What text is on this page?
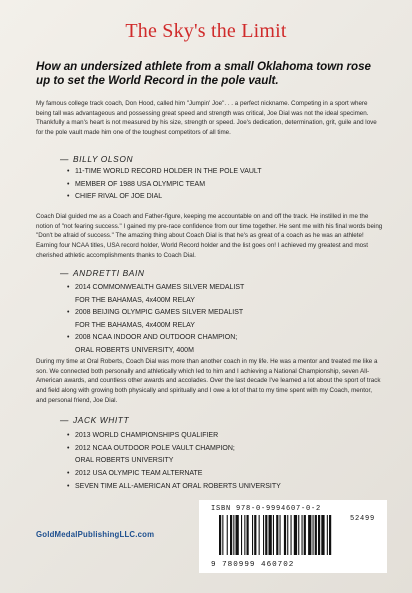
The Sky's the Limit
How an undersized athlete from a small Oklahoma town rose up to set the World Record in the pole vault.

My famous college track coach, Don Hood, called him "Jumpin' Joe". . . a perfect nickname. Competing in a sport where being tall was advantageous and possessing great speed and strength was critical, Joe Dial was not the ideal specimen. Thankfully a man's heart is not measured by his size, strength or speed. Joe's dedication, determination, grit, guile and love for the pole vault made him one of the toughest competitors of all time.

— BILLY OLSON
• 11-TIME WORLD RECORD HOLDER IN THE POLE VAULT
• MEMBER OF 1988 USA OLYMPIC TEAM
• CHIEF RIVAL OF JOE DIAL

Coach Dial guided me as a Coach and Father-figure, keeping me accountable on and off the track. He instilled in me the notion of "not fearing success." I gained my pre-race confidence from our time together. He sent me with his final words being "Don't be afraid of success." The amazing thing about Coach Dial is that he's as great of a coach as he was an athlete! Earning four NCAA titles, USA record holder, World Record holder and the list goes on! I achieved my greatest and most cherished athletic accomplishments thanks to Coach Dial.

— ANDRETTI BAIN
• 2014 COMMONWEALTH GAMES SILVER MEDALIST
FOR THE BAHAMAS, 4x400M RELAY
• 2008 BEIJING OLYMPIC GAMES SILVER MEDALIST
FOR THE BAHAMAS, 4x400M RELAY
• 2008 NCAA INDOOR AND OUTDOOR CHAMPION;
ORAL ROBERTS UNIVERSITY, 400M

During my time at Oral Roberts, Coach Dial was more than another coach in my life. He was a mentor and treated me like a son. We connected both personally and athletically which led to him and I achieving a National Championship, seven All-American awards, and countless other awards and accolades. Over the last decade I've learned a lot about the sport of track and field along with growing both physically and spiritually and I owe a lot of that to my time spent with my Coach, mentor, and personal friend, Joe Dial.

— JACK WHITT
• 2013 WORLD CHAMPIONSHIPS QUALIFIER
• 2012 NCAA OUTDOOR POLE VAULT CHAMPION;
ORAL ROBERTS UNIVERSITY
• 2012 USA OLYMPIC TEAM ALTERNATE
• SEVEN TIME ALL-AMERICAN AT ORAL ROBERTS UNIVERSITY
GoldMedalPublishingLLC.com
ISBN 978-0-9994607-0-2
52499
9 780999 460702
